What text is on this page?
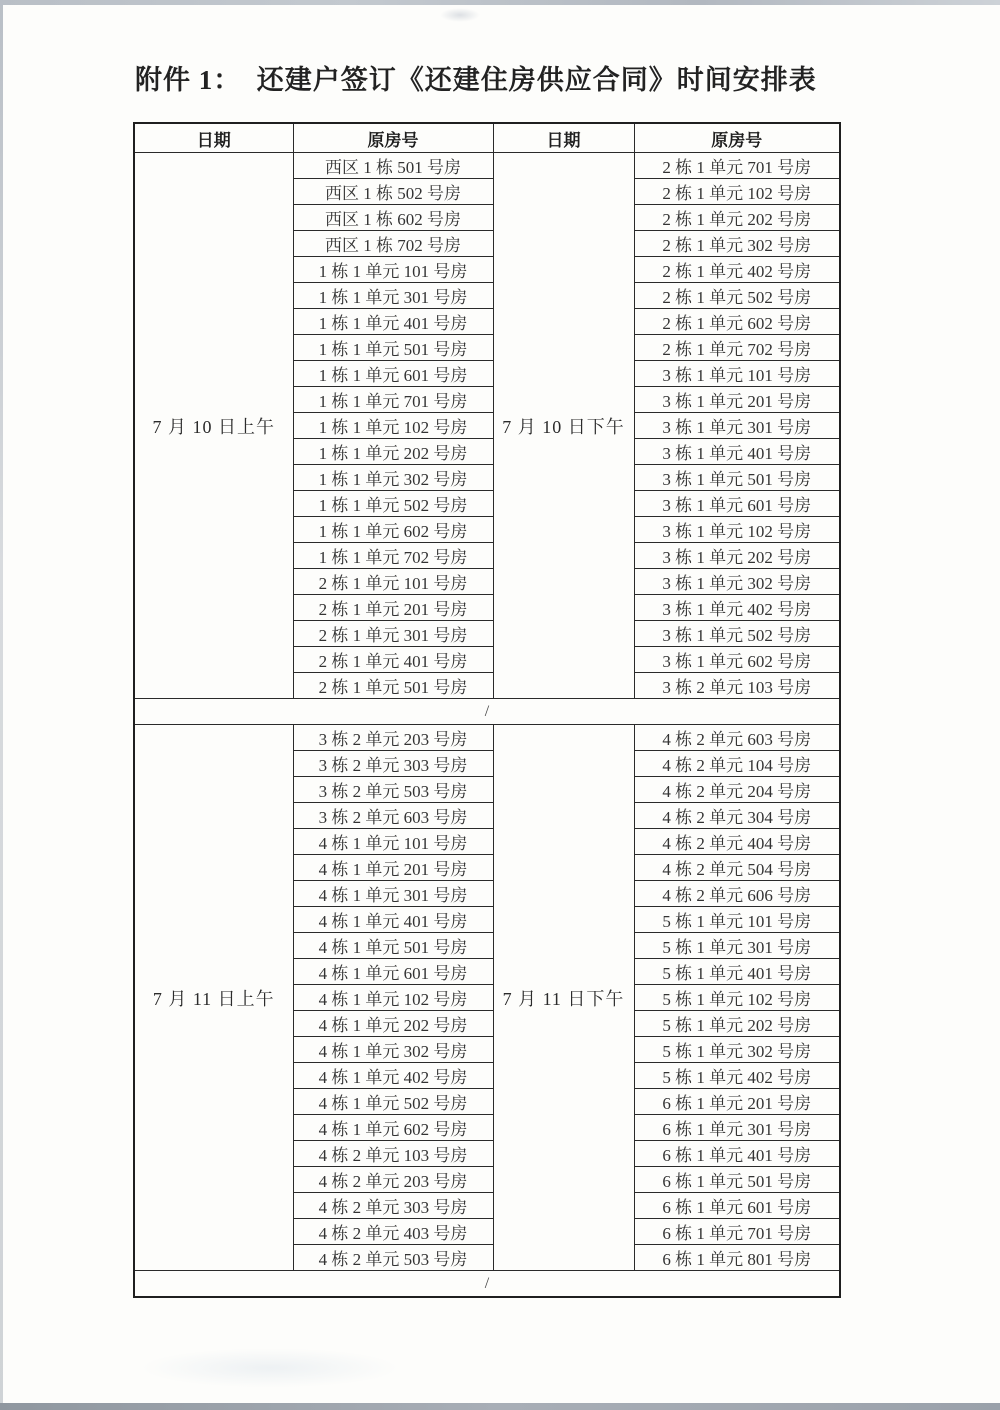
附件 1：  还建户签订《还建住房供应合同》时间安排表
日期	原房号	日期	原房号
7 月 10 日上午	西区 1 栋 501 号房	7 月 10 日下午	2 栋 1 单元 701 号房
	西区 1 栋 502 号房		2 栋 1 单元 102 号房
	西区 1 栋 602 号房		2 栋 1 单元 202 号房
	西区 1 栋 702 号房		2 栋 1 单元 302 号房
	1 栋 1 单元 101 号房		2 栋 1 单元 402 号房
	1 栋 1 单元 301 号房		2 栋 1 单元 502 号房
	1 栋 1 单元 401 号房		2 栋 1 单元 602 号房
	1 栋 1 单元 501 号房		2 栋 1 单元 702 号房
	1 栋 1 单元 601 号房		3 栋 1 单元 101 号房
	1 栋 1 单元 701 号房		3 栋 1 单元 201 号房
	1 栋 1 单元 102 号房		3 栋 1 单元 301 号房
	1 栋 1 单元 202 号房		3 栋 1 单元 401 号房
	1 栋 1 单元 302 号房		3 栋 1 单元 501 号房
	1 栋 1 单元 502 号房		3 栋 1 单元 601 号房
	1 栋 1 单元 602 号房		3 栋 1 单元 102 号房
	1 栋 1 单元 702 号房		3 栋 1 单元 202 号房
	2 栋 1 单元 101 号房		3 栋 1 单元 302 号房
	2 栋 1 单元 201 号房		3 栋 1 单元 402 号房
	2 栋 1 单元 301 号房		3 栋 1 单元 502 号房
	2 栋 1 单元 401 号房		3 栋 1 单元 602 号房
	2 栋 1 单元 501 号房		3 栋 2 单元 103 号房
/			
7 月 11 日上午	3 栋 2 单元 203 号房	7 月 11 日下午	4 栋 2 单元 603 号房
	3 栋 2 单元 303 号房		4 栋 2 单元 104 号房
	3 栋 2 单元 503 号房		4 栋 2 单元 204 号房
	3 栋 2 单元 603 号房		4 栋 2 单元 304 号房
	4 栋 1 单元 101 号房		4 栋 2 单元 404 号房
	4 栋 1 单元 201 号房		4 栋 2 单元 504 号房
	4 栋 1 单元 301 号房		4 栋 2 单元 606 号房
	4 栋 1 单元 401 号房		5 栋 1 单元 101 号房
	4 栋 1 单元 501 号房		5 栋 1 单元 301 号房
	4 栋 1 单元 601 号房		5 栋 1 单元 401 号房
	4 栋 1 单元 102 号房		5 栋 1 单元 102 号房
	4 栋 1 单元 202 号房		5 栋 1 单元 202 号房
	4 栋 1 单元 302 号房		5 栋 1 单元 302 号房
	4 栋 1 单元 402 号房		5 栋 1 单元 402 号房
	4 栋 1 单元 502 号房		6 栋 1 单元 201 号房
	4 栋 1 单元 602 号房		6 栋 1 单元 301 号房
	4 栋 2 单元 103 号房		6 栋 1 单元 401 号房
	4 栋 2 单元 203 号房		6 栋 1 单元 501 号房
	4 栋 2 单元 303 号房		6 栋 1 单元 601 号房
	4 栋 2 单元 403 号房		6 栋 1 单元 701 号房
	4 栋 2 单元 503 号房		6 栋 1 单元 801 号房
/			
